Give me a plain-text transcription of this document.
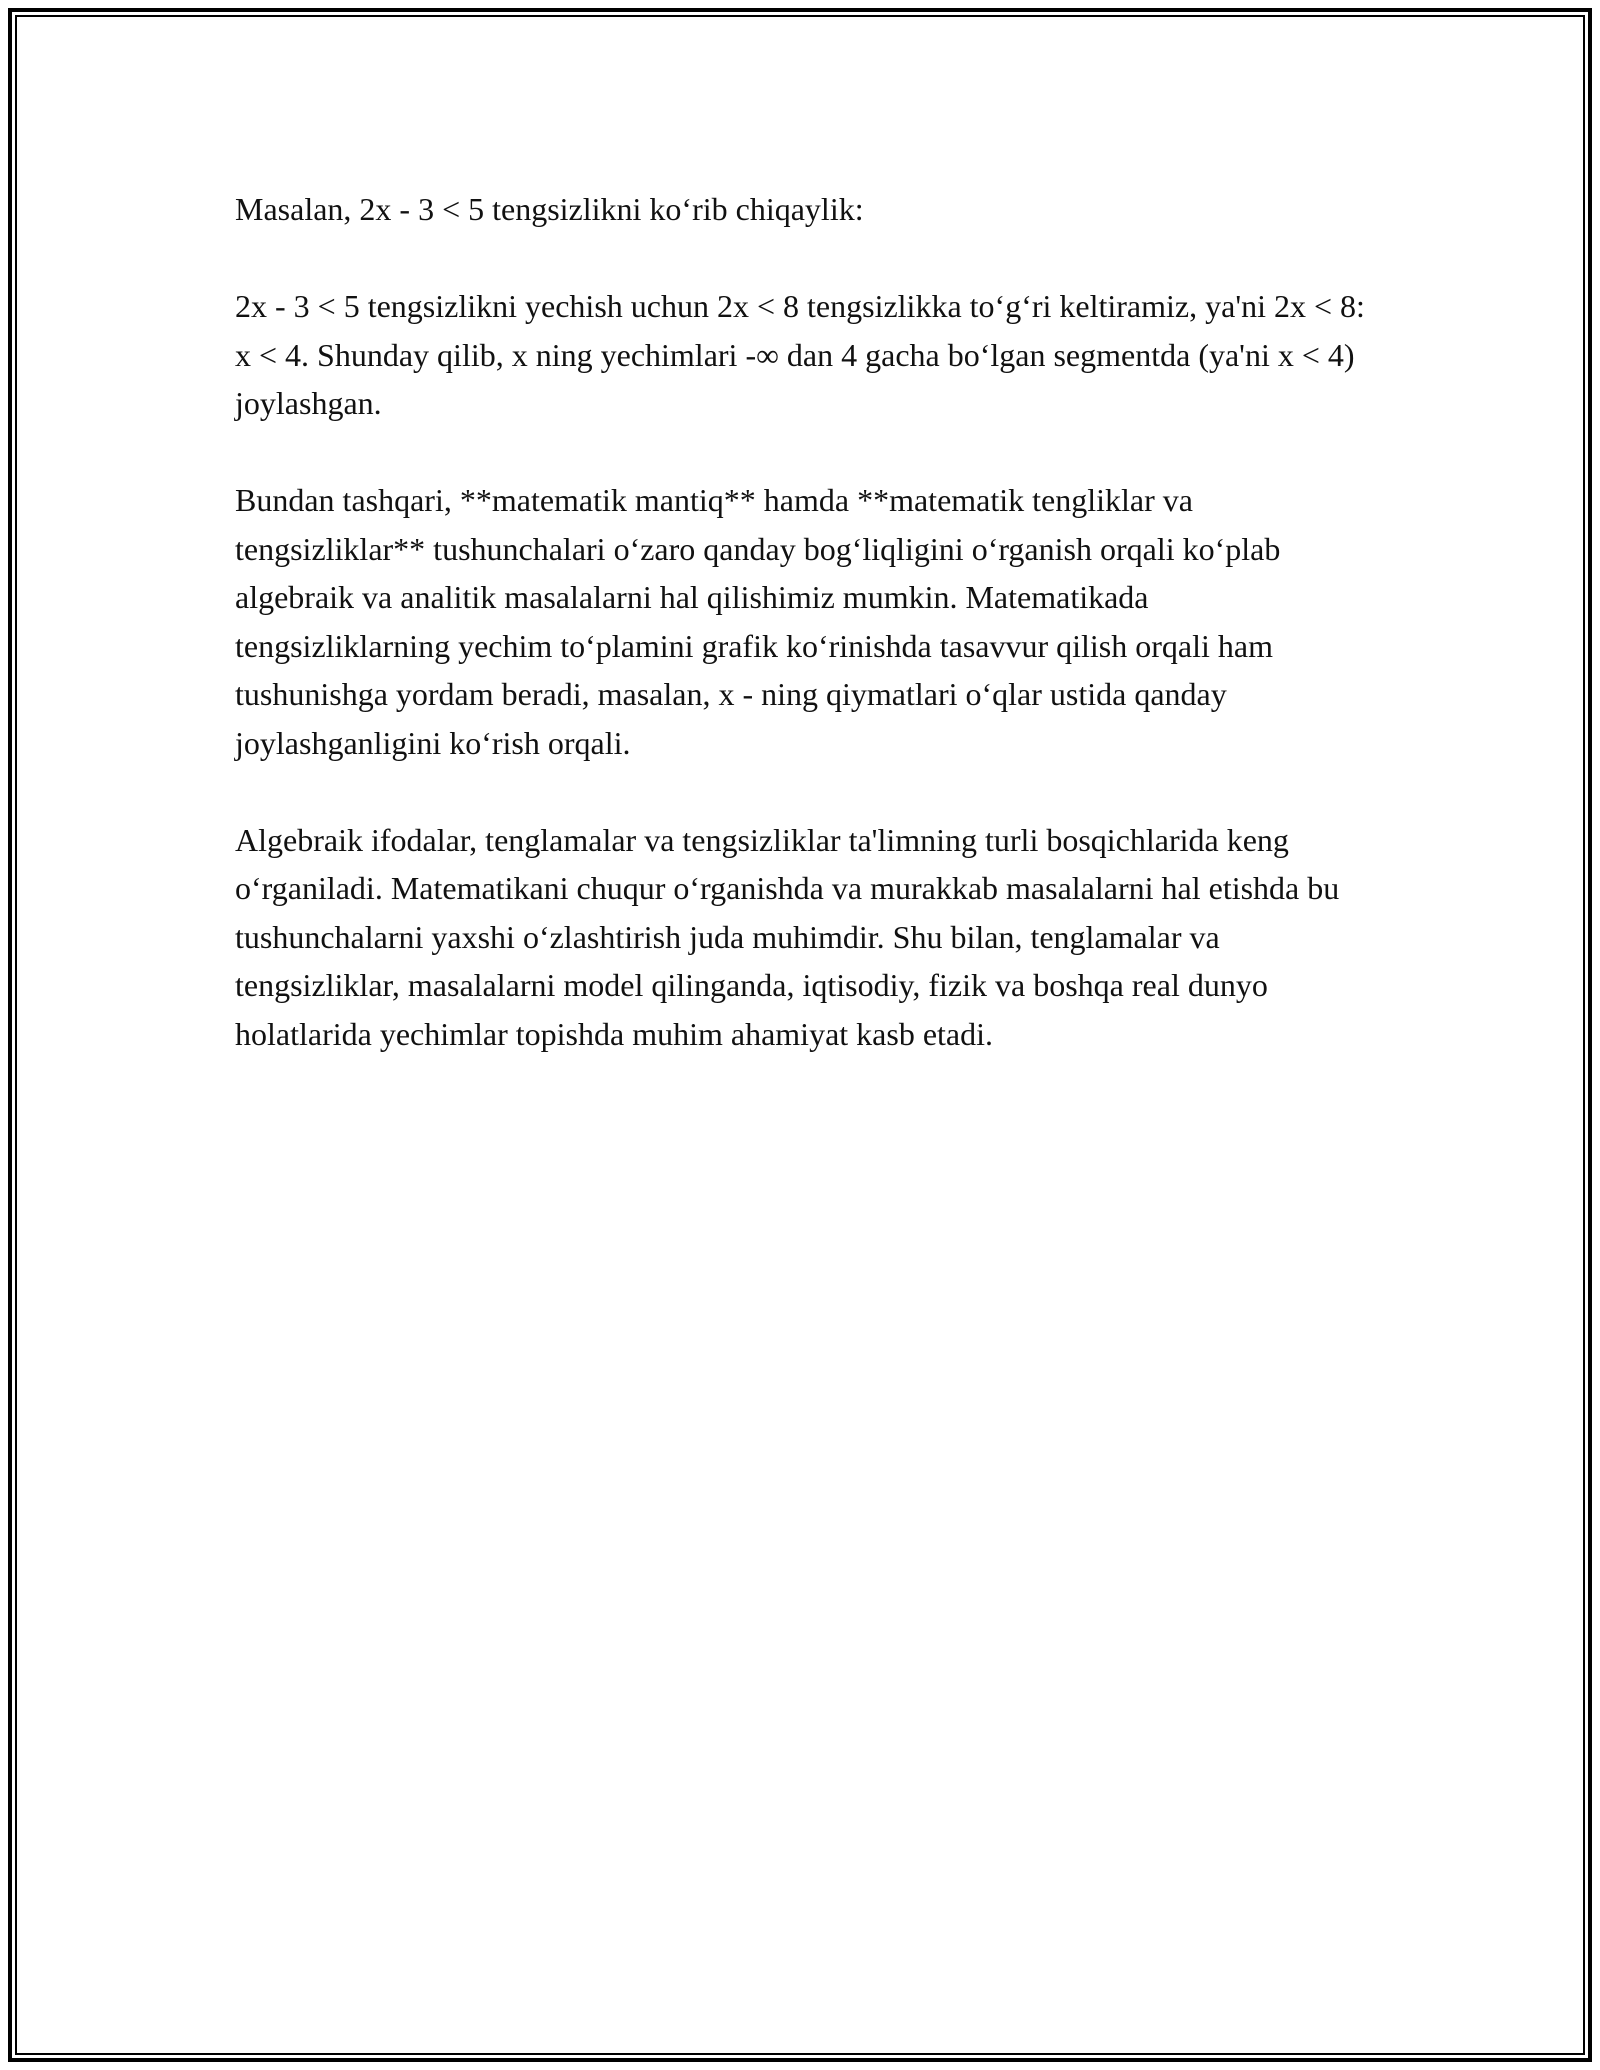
Masalan, 2x - 3 < 5 tengsizlikni ko‘rib chiqaylik:

2x - 3 < 5 tengsizlikni yechish uchun 2x < 8 tengsizlikka to‘g‘ri keltiramiz, ya'ni 2x < 8: x < 4. Shunday qilib, x ning yechimlari -∞ dan 4 gacha bo‘lgan segmentda (ya'ni x < 4) joylashgan.

Bundan tashqari, **matematik mantiq** hamda **matematik tengliklar va tengsizliklar** tushunchalari o‘zaro qanday bog‘liqligini o‘rganish orqali ko‘plab algebraik va analitik masalalarni hal qilishimiz mumkin. Matematikada tengsizliklarning yechim to‘plamini grafik ko‘rinishda tasavvur qilish orqali ham tushunishga yordam beradi, masalan, x - ning qiymatlari o‘qlar ustida qanday joylashganligini ko‘rish orqali.

Algebraik ifodalar, tenglamalar va tengsizliklar ta'limning turli bosqichlarida keng o‘rganiladi. Matematikani chuqur o‘rganishda va murakkab masalalarni hal etishda bu tushunchalarni yaxshi o‘zlashtirish juda muhimdir. Shu bilan, tenglamalar va tengsizliklar, masalalarni model qilinganda, iqtisodiy, fizik va boshqa real dunyo holatlarida yechimlar topishda muhim ahamiyat kasb etadi.
